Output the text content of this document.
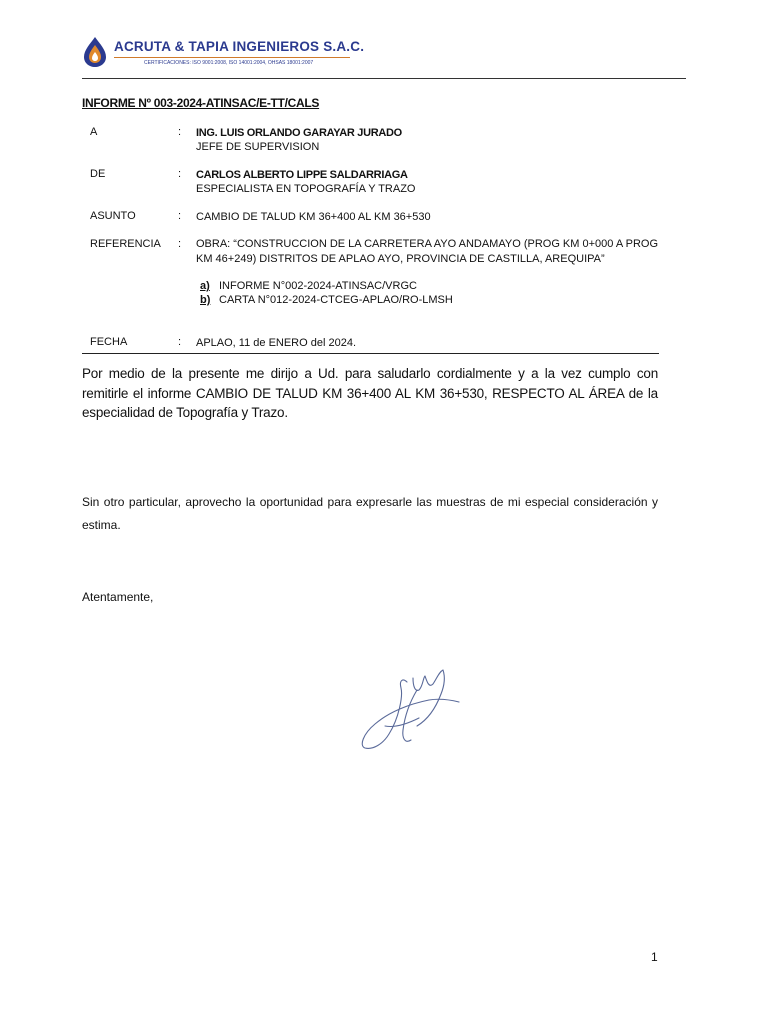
ACRUTA & TAPIA INGENIEROS S.A.C.
CERTIFICACIONES: ISO 9001:2008, ISO 14001:2004, OHSAS 18001:2007
INFORME Nº 003-2024-ATINSAC/E-TT/CALS
A	: ING. LUIS ORLANDO GARAYAR JURADO
JEFE DE SUPERVISION
DE	: CARLOS ALBERTO LIPPE SALDARRIAGA
ESPECIALISTA EN TOPOGRAFÍA Y TRAZO
ASUNTO	: CAMBIO DE TALUD KM 36+400 AL KM 36+530
REFERENCIA : OBRA: “CONSTRUCCION DE LA CARRETERA AYO ANDAMAYO (PROG KM 0+000 A PROG KM 46+249) DISTRITOS DE APLAO AYO, PROVINCIA DE CASTILLA, AREQUIPA”
a) INFORME N°002-2024-ATINSAC/VRGC
b) CARTA N°012-2024-CTCEG-APLAO/RO-LMSH
FECHA	: APLAO, 11 de ENERO del 2024.
Por medio de la presente me dirijo a Ud. para saludarlo cordialmente y a la vez cumplo con remitirle el informe CAMBIO DE TALUD KM 36+400 AL KM 36+530, RESPECTO AL ÁREA de la especialidad de Topografía y Trazo.
Sin otro particular, aprovecho la oportunidad para expresarle las muestras de mi especial consideración y estima.
Atentamente,
1
